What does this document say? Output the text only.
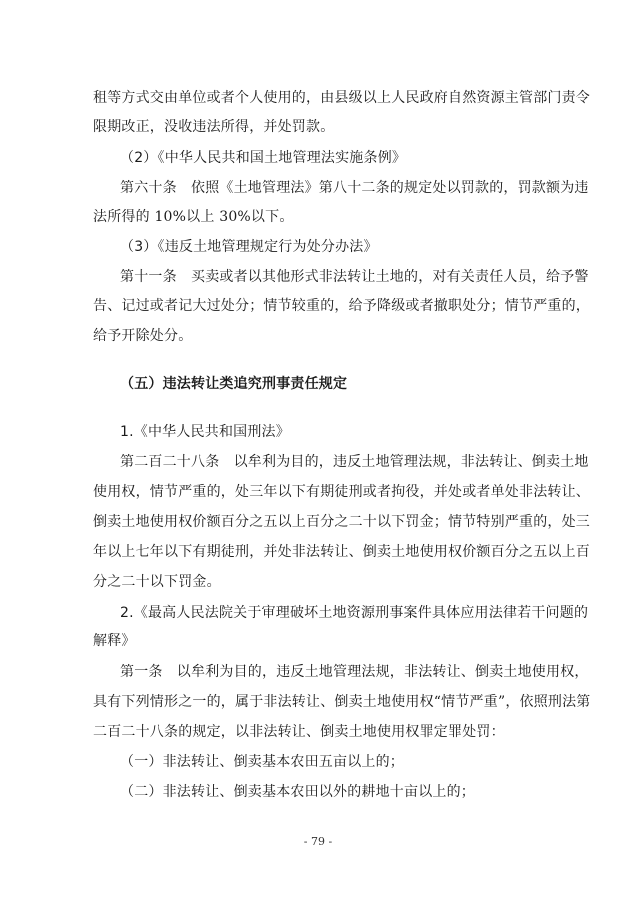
租等方式交由单位或者个人使用的，由县级以上人民政府自然资源主管部门责令
限期改正，没收违法所得，并处罚款。
（2）《中华人民共和国土地管理法实施条例》
第六十条　依照《土地管理法》第八十二条的规定处以罚款的，罚款额为违
法所得的 10%以上 30%以下。
（3）《违反土地管理规定行为处分办法》
第十一条　买卖或者以其他形式非法转让土地的，对有关责任人员，给予警
告、记过或者记大过处分；情节较重的，给予降级或者撤职处分；情节严重的，
给予开除处分。
（五）违法转让类追究刑事责任规定
1.《中华人民共和国刑法》
第二百二十八条　以牟利为目的，违反土地管理法规，非法转让、倒卖土地
使用权，情节严重的，处三年以下有期徒刑或者拘役，并处或者单处非法转让、
倒卖土地使用权价额百分之五以上百分之二十以下罚金；情节特别严重的，处三
年以上七年以下有期徒刑，并处非法转让、倒卖土地使用权价额百分之五以上百
分之二十以下罚金。
2.《最高人民法院关于审理破坏土地资源刑事案件具体应用法律若干问题的
解释》
第一条　以牟利为目的，违反土地管理法规，非法转让、倒卖土地使用权，
具有下列情形之一的，属于非法转让、倒卖土地使用权“情节严重”，依照刑法第
二百二十八条的规定，以非法转让、倒卖土地使用权罪定罪处罚：
（一）非法转让、倒卖基本农田五亩以上的；
（二）非法转让、倒卖基本农田以外的耕地十亩以上的；
- 79 -
